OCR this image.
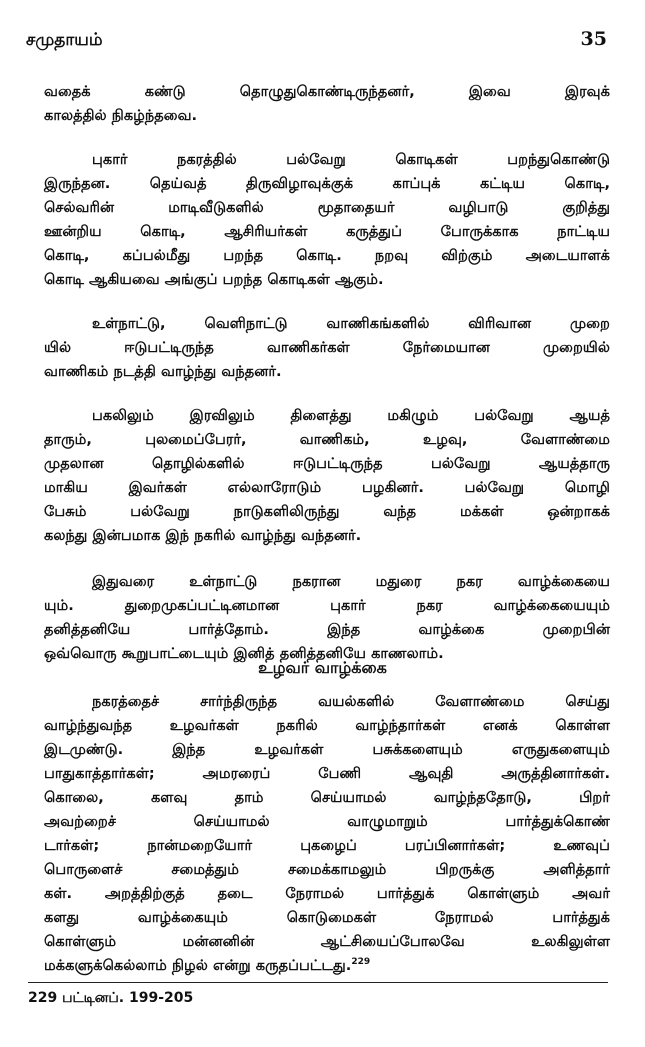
சமுதாயம்	35

வதைக் கண்டு தொழுதுகொண்டிருந்தனர், இவை இரவுக்

காலத்தில் நிகழ்ந்தவை.

புகார் நகரத்தில் பல்வேறு கொடிகள் பறந்துகொண்டு

இருந்தன. தெய்வத் திருவிழாவுக்குக் காப்புக் கட்டிய கொடி,

செல்வரின் மாடிவீடுகளில் மூதாதையர் வழிபாடு குறித்து

ஊன்றிய கொடி, ஆசிரியர்கள் கருத்துப் போருக்காக நாட்டிய

கொடி, கப்பல்மீது பறந்த கொடி. நறவு விற்கும் அடையாளக்

கொடி ஆகியவை அங்குப் பறந்த கொடிகள் ஆகும்.

உள்நாட்டு, வெளிநாட்டு வாணிகங்களில் விரிவான முறை

யில் ஈடுபட்டிருந்த வாணிகர்கள் நேர்மையான முறையில்

வாணிகம் நடத்தி வாழ்ந்து வந்தனர்.

பகலிலும் இரவிலும் திளைத்து மகிழும் பல்வேறு ஆயத்

தாரும், புலமைப்பேரர், வாணிகம், உழவு, வேளாண்மை

முதலான தொழில்களில் ஈடுபட்டிருந்த பல்வேறு ஆயத்தாரு

மாகிய இவர்கள் எல்லாரோடும் பழகினர். பல்வேறு மொழி

பேசும் பல்வேறு நாடுகளிலிருந்து வந்த மக்கள் ஒன்றாகக்

கலந்து இன்பமாக இந் நகரில் வாழ்ந்து வந்தனர்.

இதுவரை உள்நாட்டு நகரான மதுரை நகர வாழ்க்கையை

யும். துறைமுகப்பட்டினமான புகார் நகர வாழ்க்கையையும்

தனித்தனியே பார்த்தோம். இந்த வாழ்க்கை முறைபின்

ஒவ்வொரு கூறுபாட்டையும் இனித் தனித்தனியே காணலாம்.

உழவர் வாழ்க்கை

நகரத்தைச் சார்ந்திருந்த வயல்களில் வேளாண்மை செய்து

வாழ்ந்துவந்த உழவர்கள் நகரில் வாழ்ந்தார்கள் எனக் கொள்ள

இடமுண்டு. இந்த உழவர்கள் பசுக்களையும் எருதுகளையும்

பாதுகாத்தார்கள்; அமரரைப் பேணி ஆவுதி அருத்தினார்கள்.

கொலை, களவு தாம் செய்யாமல் வாழ்ந்ததோடு, பிறர்

அவற்றைச் செய்யாமல் வாழுமாறும் பார்த்துக்கொண்

டார்கள்; நான்மறையோர் புகழைப் பரப்பினார்கள்; உணவுப்

பொருளைச் சமைத்தும் சமைக்காமலும் பிறருக்கு அளித்தார்

கள். அறத்திற்குத் தடை நேராமல் பார்த்துக் கொள்ளும் அவர்

களது வாழ்க்கையும் கொடுமைகள் நேராமல் பார்த்துக்

கொள்ளும் மன்னனின் ஆட்சியைப்போலவே உலகிலுள்ள

மக்களுக்கெல்லாம் நிழல் என்று கருதப்பட்டது.$^{229}$

229 பட்டினப். 199-205
